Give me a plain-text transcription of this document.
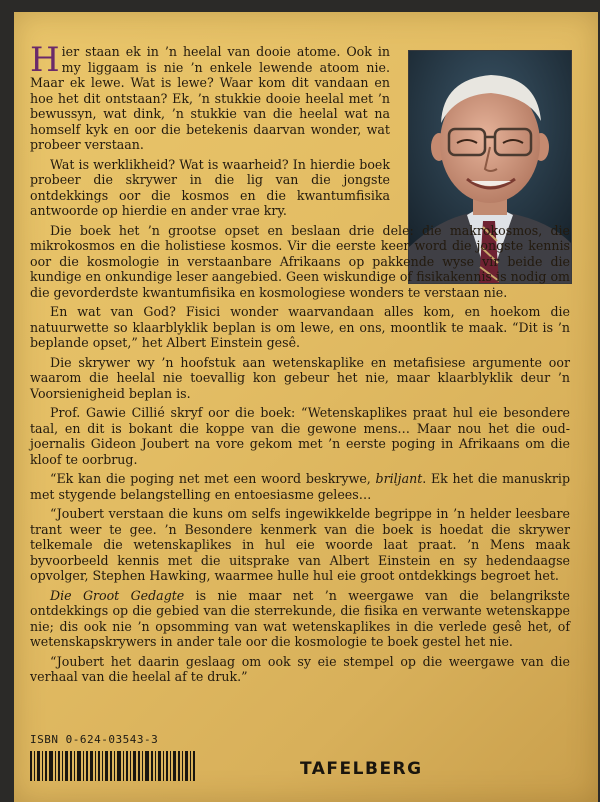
Hier staan ek in ’n heelal van dooie atome. Ook in my liggaam is nie ’n enkele lewende atoom nie. Maar ek lewe. Wat is lewe? Waar kom dit vandaan en hoe het dit ontstaan? Ek, ’n stukkie dooie heelal met ’n bewussyn, wat dink, ’n stukkie van die heelal wat na homself kyk en oor die betekenis daarvan wonder, wat probeer verstaan.

Wat is werklikheid? Wat is waarheid? In hierdie boek probeer die skrywer in die lig van die jongste ontdekkings oor die kosmos en die kwantumfisika antwoorde op hierdie en ander vrae kry.

Die boek het ’n grootse opset en beslaan drie dele: die makrokosmos, die mikrokosmos en die holistiese kosmos. Vir die eerste keer word die jongste kennis oor die kosmologie in verstaanbare Afrikaans op pakkende wyse vir beide die kundige en onkundige leser aangebied. Geen wiskundige of fisikakennis is nodig om die gevorderdste kwantumfisika en kosmologiese wonders te verstaan nie.

En wat van God? Fisici wonder waarvandaan alles kom, en hoekom die natuurwette so klaarblyklik beplan is om lewe, en ons, moontlik te maak. “Dit is ’n beplande opset,” het Albert Einstein gesê.

Die skrywer wy ’n hoofstuk aan wetenskaplike en metafisiese argumente oor waarom die heelal nie toevallig kon gebeur het nie, maar klaarblyklik deur ’n Voorsienigheid beplan is.

Prof. Gawie Cillié skryf oor die boek: “Wetenskaplikes praat hul eie besondere taal, en dit is bokant die koppe van die gewone mens… Maar nou het die oud-joernalis Gideon Joubert na vore gekom met ’n eerste poging in Afrikaans om die kloof te oorbrug.

“Ek kan die poging net met een woord beskrywe, briljant. Ek het die manuskrip met stygende belangstelling en entoesiasme gelees…

“Joubert verstaan die kuns om selfs ingewikkelde begrippe in ’n helder leesbare trant weer te gee. ’n Besondere kenmerk van die boek is hoedat die skrywer telkemale die wetenskaplikes in hul eie woorde laat praat. ’n Mens maak byvoorbeeld kennis met die uitsprake van Albert Einstein en sy hedendaagse opvolger, Stephen Hawking, waarmee hulle hul eie groot ontdekkings begroet het.

Die Groot Gedagte is nie maar net ’n weergawe van die belangrikste ontdekkings op die gebied van die sterrekunde, die fisika en verwante wetenskappe nie; dis ook nie ’n opsomming van wat wetenskaplikes in die verlede gesê het, of wetenskapskrywers in ander tale oor die kosmologie te boek gestel het nie.

“Joubert het daarin geslaag om ook sy eie stempel op die weergawe van die verhaal van die heelal af te druk.”

ISBN 0-624-03543-3
TAFELBERG
